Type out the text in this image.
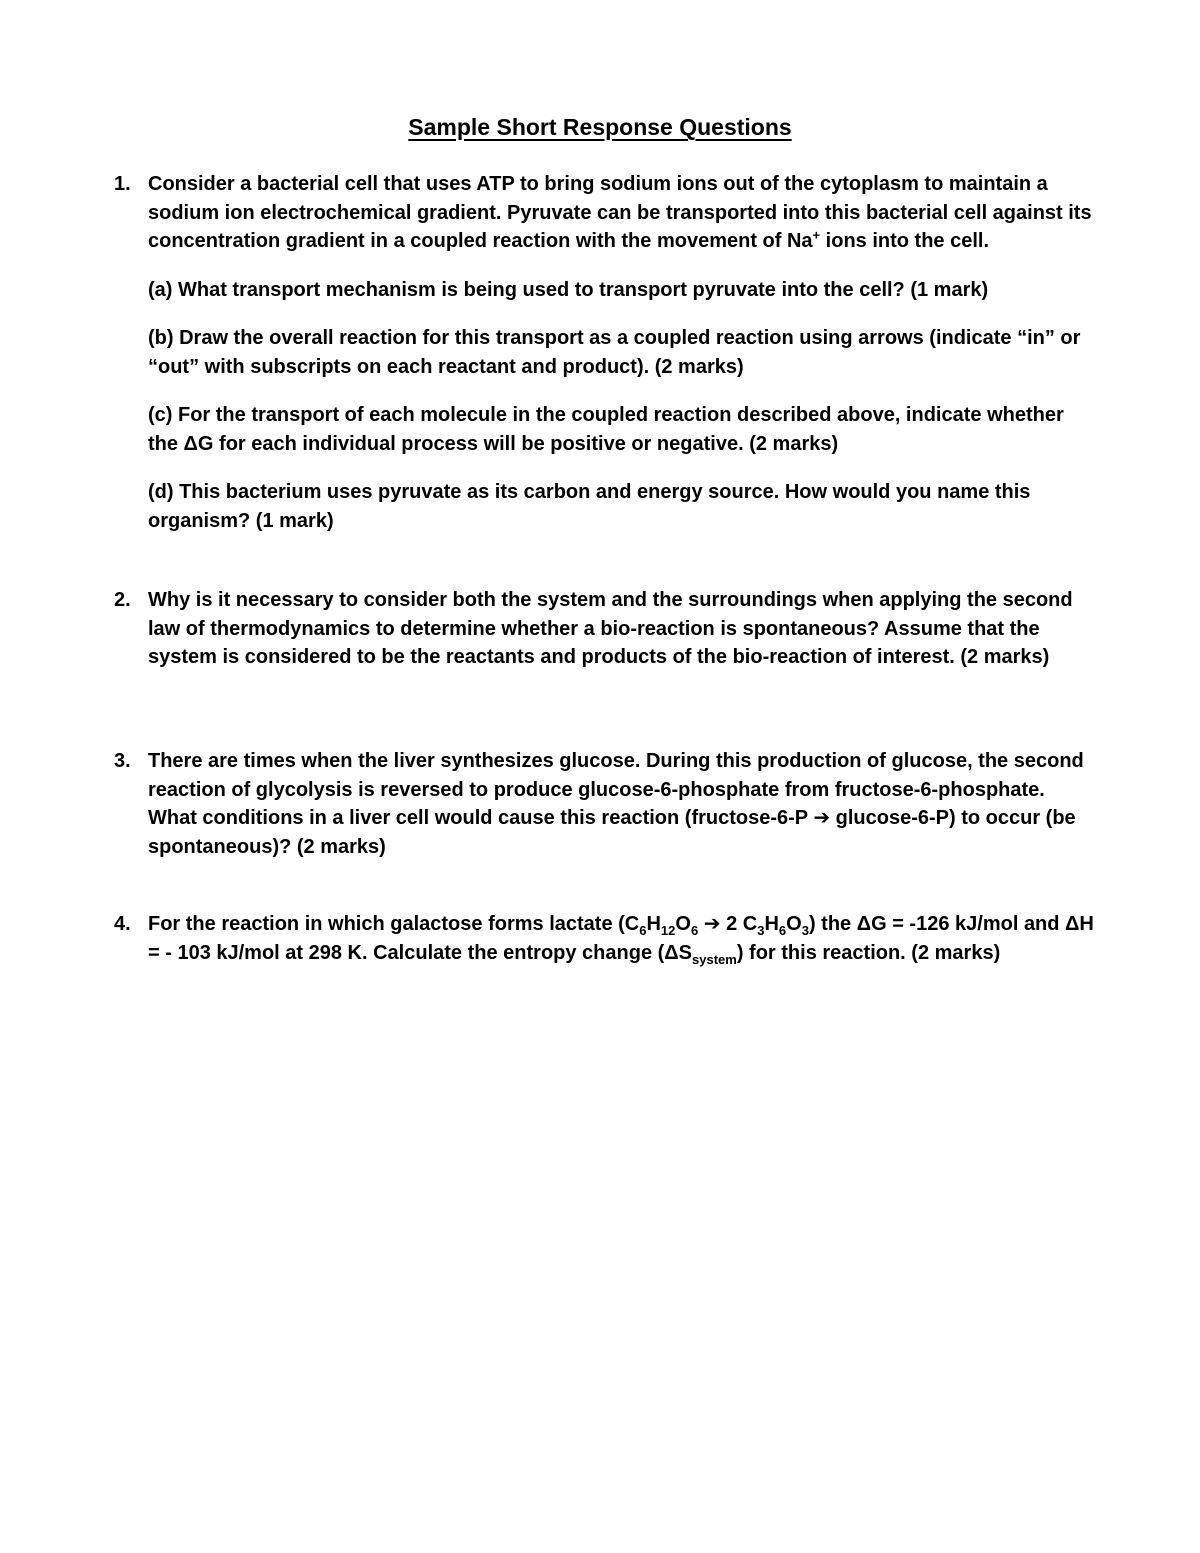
Sample Short Response Questions
1. Consider a bacterial cell that uses ATP to bring sodium ions out of the cytoplasm to maintain a sodium ion electrochemical gradient. Pyruvate can be transported into this bacterial cell against its concentration gradient in a coupled reaction with the movement of Na+ ions into the cell.

(a) What transport mechanism is being used to transport pyruvate into the cell? (1 mark)

(b) Draw the overall reaction for this transport as a coupled reaction using arrows (indicate “in” or “out” with subscripts on each reactant and product). (2 marks)

(c) For the transport of each molecule in the coupled reaction described above, indicate whether the ΔG for each individual process will be positive or negative. (2 marks)

(d) This bacterium uses pyruvate as its carbon and energy source. How would you name this organism? (1 mark)

2. Why is it necessary to consider both the system and the surroundings when applying the second law of thermodynamics to determine whether a bio-reaction is spontaneous? Assume that the system is considered to be the reactants and products of the bio-reaction of interest. (2 marks)

3. There are times when the liver synthesizes glucose. During this production of glucose, the second reaction of glycolysis is reversed to produce glucose-6-phosphate from fructose-6-phosphate. What conditions in a liver cell would cause this reaction (fructose-6-P ➔ glucose-6-P) to occur (be spontaneous)? (2 marks)

4. For the reaction in which galactose forms lactate ($C_6H_{12}O_6$ ➔ 2 $C_3H_6O_3$) the ΔG = -126 kJ/mol and ΔH = - 103 kJ/mol at 298 K. Calculate the entropy change $(\Delta S_{system})$ for this reaction. (2 marks)
